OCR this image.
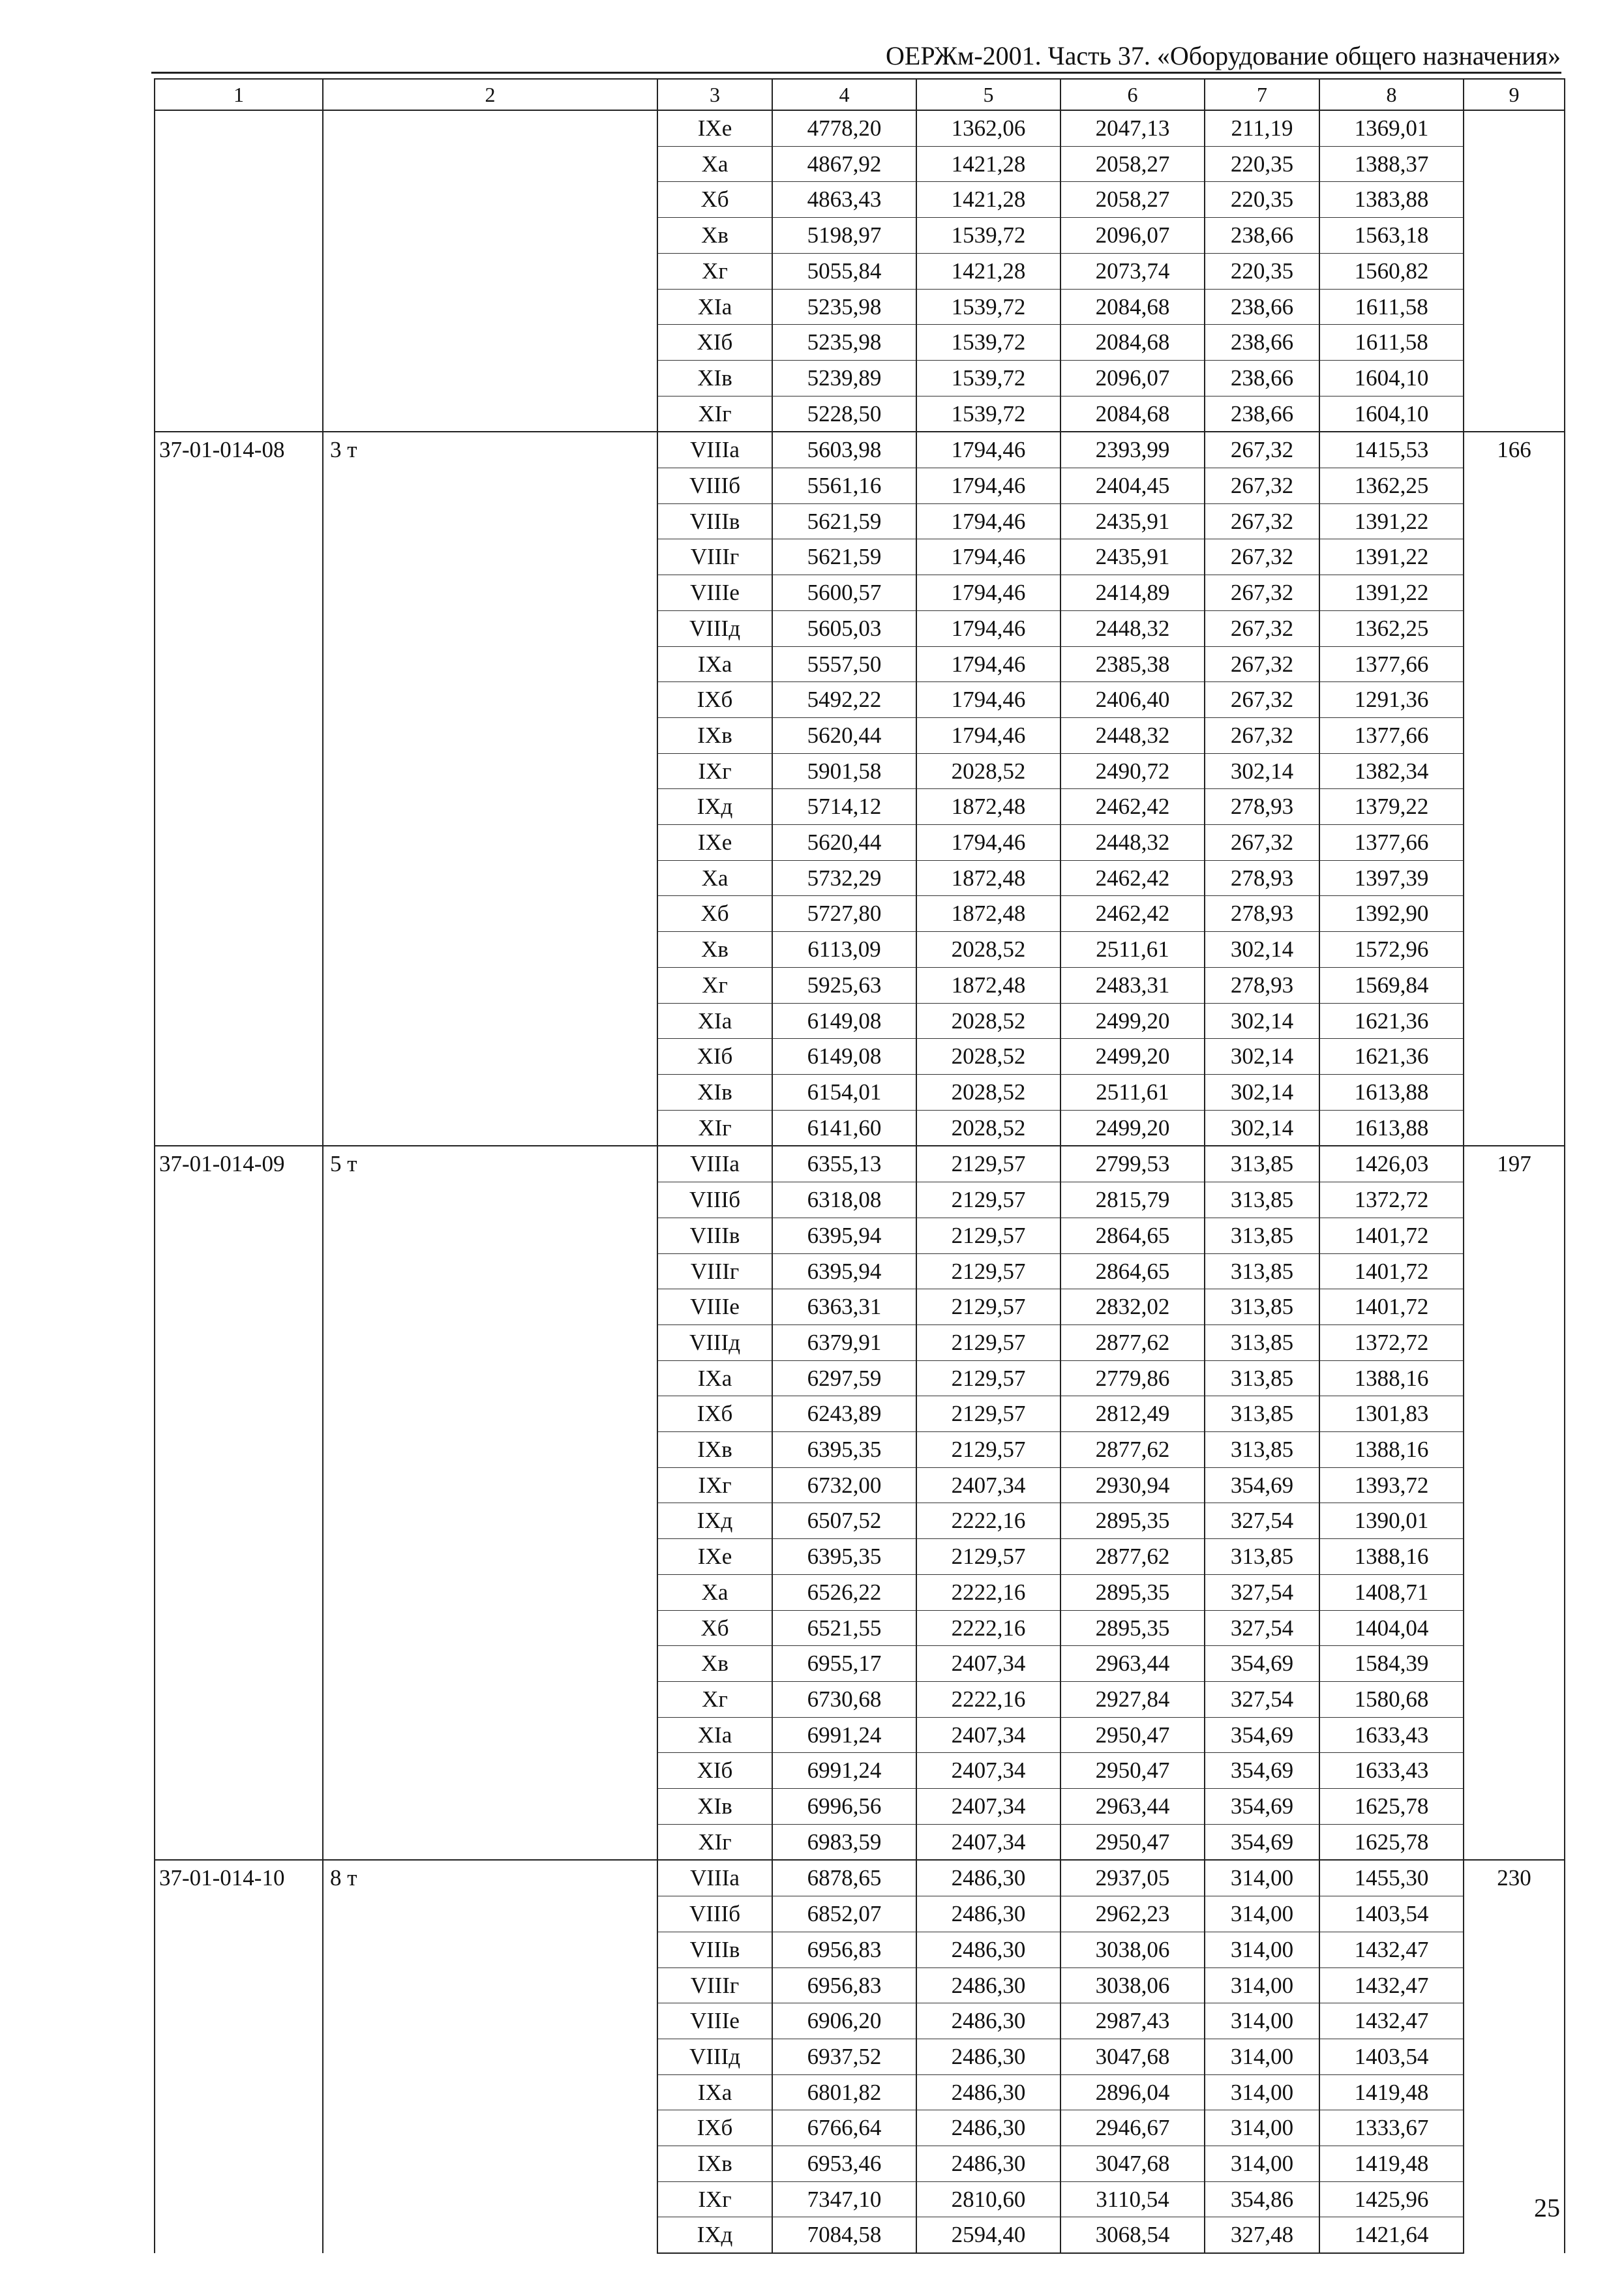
ОЕРЖм-2001. Часть 37. «Оборудование общего назначения»
1	2	3	4	5	6	7	8	9
		IXе	4778,20	1362,06	2047,13	211,19	1369,01	
		Xа	4867,92	1421,28	2058,27	220,35	1388,37	
		Xб	4863,43	1421,28	2058,27	220,35	1383,88	
		Xв	5198,97	1539,72	2096,07	238,66	1563,18	
		Xг	5055,84	1421,28	2073,74	220,35	1560,82	
		XIа	5235,98	1539,72	2084,68	238,66	1611,58	
		XIб	5235,98	1539,72	2084,68	238,66	1611,58	
		XIв	5239,89	1539,72	2096,07	238,66	1604,10	
		XIг	5228,50	1539,72	2084,68	238,66	1604,10	
37-01-014-08	3 т	VIIIа	5603,98	1794,46	2393,99	267,32	1415,53	166
		VIIIб	5561,16	1794,46	2404,45	267,32	1362,25	
		VIIIв	5621,59	1794,46	2435,91	267,32	1391,22	
		VIIIг	5621,59	1794,46	2435,91	267,32	1391,22	
		VIIIе	5600,57	1794,46	2414,89	267,32	1391,22	
		VIIIд	5605,03	1794,46	2448,32	267,32	1362,25	
		IXа	5557,50	1794,46	2385,38	267,32	1377,66	
		IXб	5492,22	1794,46	2406,40	267,32	1291,36	
		IXв	5620,44	1794,46	2448,32	267,32	1377,66	
		IXг	5901,58	2028,52	2490,72	302,14	1382,34	
		IXд	5714,12	1872,48	2462,42	278,93	1379,22	
		IXе	5620,44	1794,46	2448,32	267,32	1377,66	
		Xа	5732,29	1872,48	2462,42	278,93	1397,39	
		Xб	5727,80	1872,48	2462,42	278,93	1392,90	
		Xв	6113,09	2028,52	2511,61	302,14	1572,96	
		Xг	5925,63	1872,48	2483,31	278,93	1569,84	
		XIа	6149,08	2028,52	2499,20	302,14	1621,36	
		XIб	6149,08	2028,52	2499,20	302,14	1621,36	
		XIв	6154,01	2028,52	2511,61	302,14	1613,88	
		XIг	6141,60	2028,52	2499,20	302,14	1613,88	
37-01-014-09	5 т	VIIIа	6355,13	2129,57	2799,53	313,85	1426,03	197
		VIIIб	6318,08	2129,57	2815,79	313,85	1372,72	
		VIIIв	6395,94	2129,57	2864,65	313,85	1401,72	
		VIIIг	6395,94	2129,57	2864,65	313,85	1401,72	
		VIIIе	6363,31	2129,57	2832,02	313,85	1401,72	
		VIIIд	6379,91	2129,57	2877,62	313,85	1372,72	
		IXа	6297,59	2129,57	2779,86	313,85	1388,16	
		IXб	6243,89	2129,57	2812,49	313,85	1301,83	
		IXв	6395,35	2129,57	2877,62	313,85	1388,16	
		IXг	6732,00	2407,34	2930,94	354,69	1393,72	
		IXд	6507,52	2222,16	2895,35	327,54	1390,01	
		IXе	6395,35	2129,57	2877,62	313,85	1388,16	
		Xа	6526,22	2222,16	2895,35	327,54	1408,71	
		Xб	6521,55	2222,16	2895,35	327,54	1404,04	
		Xв	6955,17	2407,34	2963,44	354,69	1584,39	
		Xг	6730,68	2222,16	2927,84	327,54	1580,68	
		XIа	6991,24	2407,34	2950,47	354,69	1633,43	
		XIб	6991,24	2407,34	2950,47	354,69	1633,43	
		XIв	6996,56	2407,34	2963,44	354,69	1625,78	
		XIг	6983,59	2407,34	2950,47	354,69	1625,78	
37-01-014-10	8 т	VIIIа	6878,65	2486,30	2937,05	314,00	1455,30	230
		VIIIб	6852,07	2486,30	2962,23	314,00	1403,54	
		VIIIв	6956,83	2486,30	3038,06	314,00	1432,47	
		VIIIг	6956,83	2486,30	3038,06	314,00	1432,47	
		VIIIе	6906,20	2486,30	2987,43	314,00	1432,47	
		VIIIд	6937,52	2486,30	3047,68	314,00	1403,54	
		IXа	6801,82	2486,30	2896,04	314,00	1419,48	
		IXб	6766,64	2486,30	2946,67	314,00	1333,67	
		IXв	6953,46	2486,30	3047,68	314,00	1419,48	
		IXг	7347,10	2810,60	3110,54	354,86	1425,96	
		IXд	7084,58	2594,40	3068,54	327,48	1421,64	
25
